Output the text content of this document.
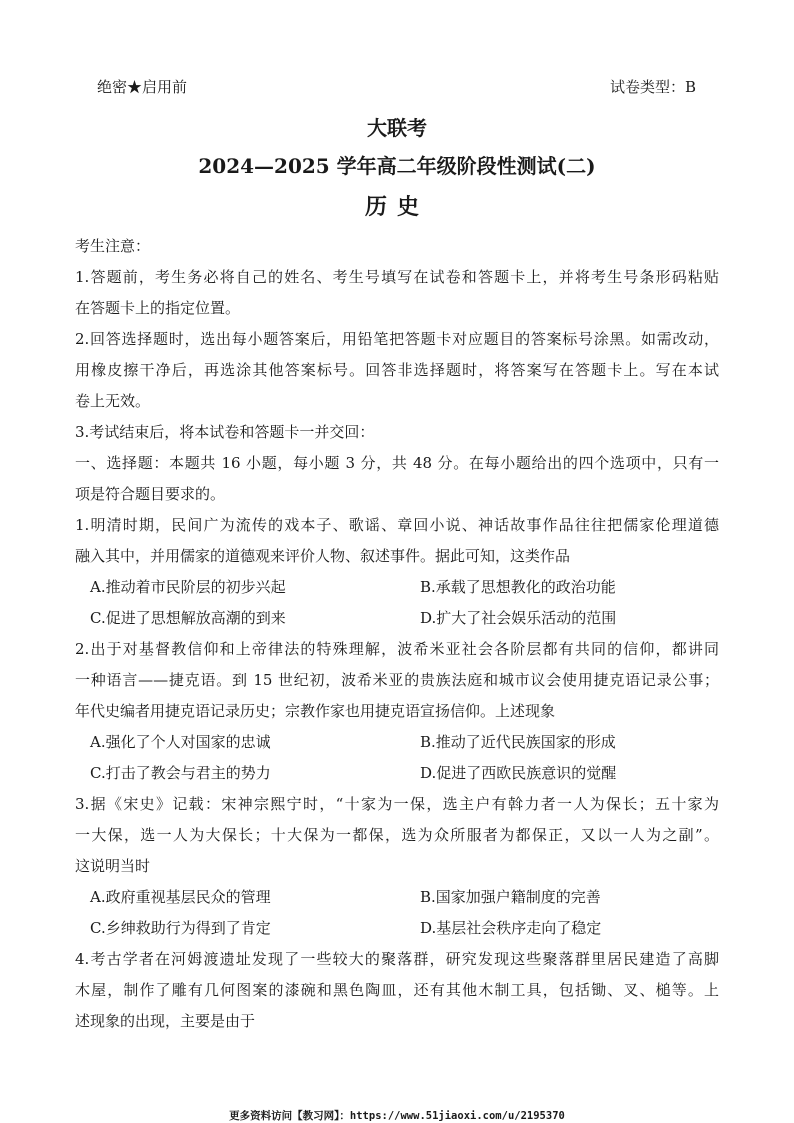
绝密★启用前	试卷类型：B
大联考
2024—2025 学年高二年级阶段性测试(二)
历史
考生注意：
1.答题前，考生务必将自己的姓名、考生号填写在试卷和答题卡上，并将考生号条形码粘贴
在答题卡上的指定位置。
2.回答选择题时，选出每小题答案后，用铅笔把答题卡对应题目的答案标号涂黑。如需改动，
用橡皮擦干净后，再选涂其他答案标号。回答非选择题时，将答案写在答题卡上。写在本试
卷上无效。
3.考试结束后，将本试卷和答题卡一并交回：
一、选择题：本题共 16 小题，每小题 3 分，共 48 分。在每小题给出的四个选项中，只有一
项是符合题目要求的。
1.明清时期，民间广为流传的戏本子、歌谣、章回小说、神话故事作品往往把儒家伦理道德
融入其中，并用儒家的道德观来评价人物、叙述事件。据此可知，这类作品
A.推动着市民阶层的初步兴起	B.承载了思想教化的政治功能
C.促进了思想解放高潮的到来	D.扩大了社会娱乐活动的范围
2.出于对基督教信仰和上帝律法的特殊理解，波希米亚社会各阶层都有共同的信仰，都讲同
一种语言——捷克语。到 15 世纪初，波希米亚的贵族法庭和城市议会使用捷克语记录公事；
年代史编者用捷克语记录历史；宗教作家也用捷克语宣扬信仰。上述现象
A.强化了个人对国家的忠诚	B.推动了近代民族国家的形成
C.打击了教会与君主的势力	D.促进了西欧民族意识的觉醒
3.据《宋史》记载：宋神宗熙宁时，“十家为一保，选主户有斡力者一人为保长；五十家为
一大保，选一人为大保长；十大保为一都保，选为众所服者为都保正，又以一人为之副”。
这说明当时
A.政府重视基层民众的管理	B.国家加强户籍制度的完善
C.乡绅救助行为得到了肯定	D.基层社会秩序走向了稳定
4.考古学者在河姆渡遗址发现了一些较大的聚落群，研究发现这些聚落群里居民建造了高脚
木屋，制作了雕有几何图案的漆碗和黑色陶皿，还有其他木制工具，包括锄、叉、槌等。上
述现象的出现，主要是由于
更多资料访问【教习网】：https://www.51jiaoxi.com/u/2195370
